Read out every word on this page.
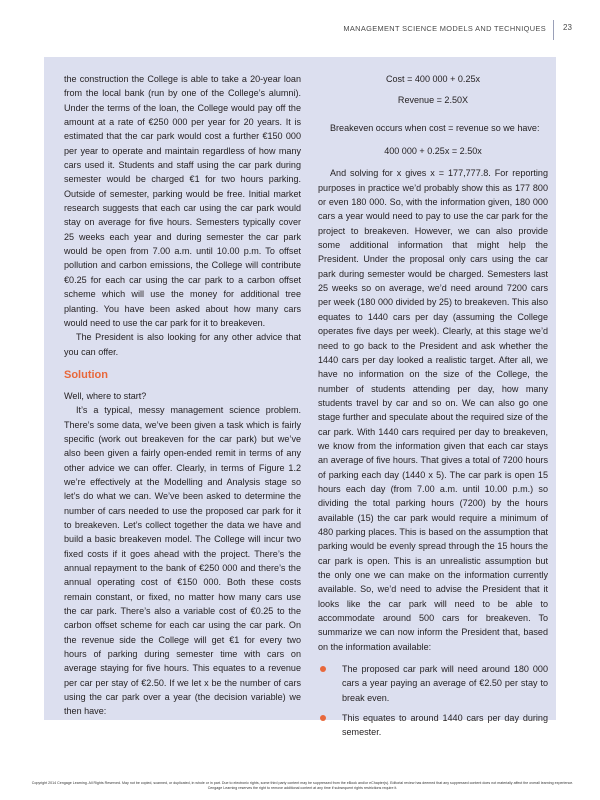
MANAGEMENT SCIENCE MODELS AND TECHNIQUES 23

the construction the College is able to take a 20-year loan from the local bank (run by one of the College’s alumni). Under the terms of the loan, the College would pay off the amount at a rate of €250 000 per year for 20 years. It is estimated that the car park would cost a further €150 000 per year to operate and maintain regardless of how many cars used it. Students and staff using the car park during semester would be charged €1 for two hours parking. Outside of semester, parking would be free. Initial market research suggests that each car using the car park would stay on average for five hours. Semesters typically cover 25 weeks each year and during semester the car park would be open from 7.00 a.m. until 10.00 p.m. To offset pollution and carbon emissions, the College will contribute €0.25 for each car using the car park to a carbon offset scheme which will use the money for additional tree planting. You have been asked about how many cars would need to use the car park for it to breakeven.

The President is also looking for any other advice that you can offer.

Solution

Well, where to start?

It’s a typical, messy management science problem. There’s some data, we’ve been given a task which is fairly specific (work out breakeven for the car park) but we’ve also been given a fairly open-ended remit in terms of any other advice we can offer. Clearly, in terms of Figure 1.2 we’re effectively at the Modelling and Analysis stage so let’s do what we can. We’ve been asked to determine the number of cars needed to use the proposed car park for it to breakeven. Let’s collect together the data we have and build a basic breakeven model. The College will incur two fixed costs if it goes ahead with the project. There’s the annual repayment to the bank of €250 000 and there’s the annual operating cost of €150 000. Both these costs remain constant, or fixed, no matter how many cars use the car park. There’s also a variable cost of €0.25 to the carbon offset scheme for each car using the car park. On the revenue side the College will get €1 for every two hours of parking during semester time with cars on average staying for five hours. This equates to a revenue per car per stay of €2.50. If we let x be the number of cars using the car park over a year (the decision variable) we then have:

Cost = 400 000 + 0.25x

Revenue = 2.50X

Breakeven occurs when cost = revenue so we have:

400 000 + 0.25x = 2.50x

And solving for x gives x = 177,777.8. For reporting purposes in practice we’d probably show this as 177 800 or even 180 000. So, with the information given, 180 000 cars a year would need to pay to use the car park for the project to breakeven. However, we can also provide some additional information that might help the President. Under the proposal only cars using the car park during semester would be charged. Semesters last 25 weeks so on average, we’d need around 7200 cars per week (180 000 divided by 25) to breakeven. This also equates to 1440 cars per day (assuming the College operates five days per week). Clearly, at this stage we’d need to go back to the President and ask whether the 1440 cars per day looked a realistic target. After all, we have no information on the size of the College, the number of students attending per day, how many students travel by car and so on. We can also go one stage further and speculate about the required size of the car park. With 1440 cars required per day to breakeven, we know from the information given that each car stays an average of five hours. That gives a total of 7200 hours of parking each day (1440 x 5). The car park is open 15 hours each day (from 7.00 a.m. until 10.00 p.m.) so dividing the total parking hours (7200) by the hours available (15) the car park would require a minimum of 480 parking places. This is based on the assumption that parking would be evenly spread through the 15 hours the car park is open. This is an unrealistic assumption but the only one we can make on the information currently available. So, we’d need to advise the President that it looks like the car park will need to be able to accommodate around 500 cars for breakeven. To summarize we can now inform the President that, based on the information available:

The proposed car park will need around 180 000 cars a year paying an average of €2.50 per stay to break even.
This equates to around 1440 cars per day during semester.
Copyright 2014 Cengage Learning. All Rights Reserved. May not be copied, scanned, or duplicated, in whole or in part. Due to electronic rights, some third party content may be suppressed from the eBook and/or eChapter(s). Editorial review has deemed that any suppressed content does not materially affect the overall learning experience. Cengage Learning reserves the right to remove additional content at any time if subsequent rights restrictions require it.
